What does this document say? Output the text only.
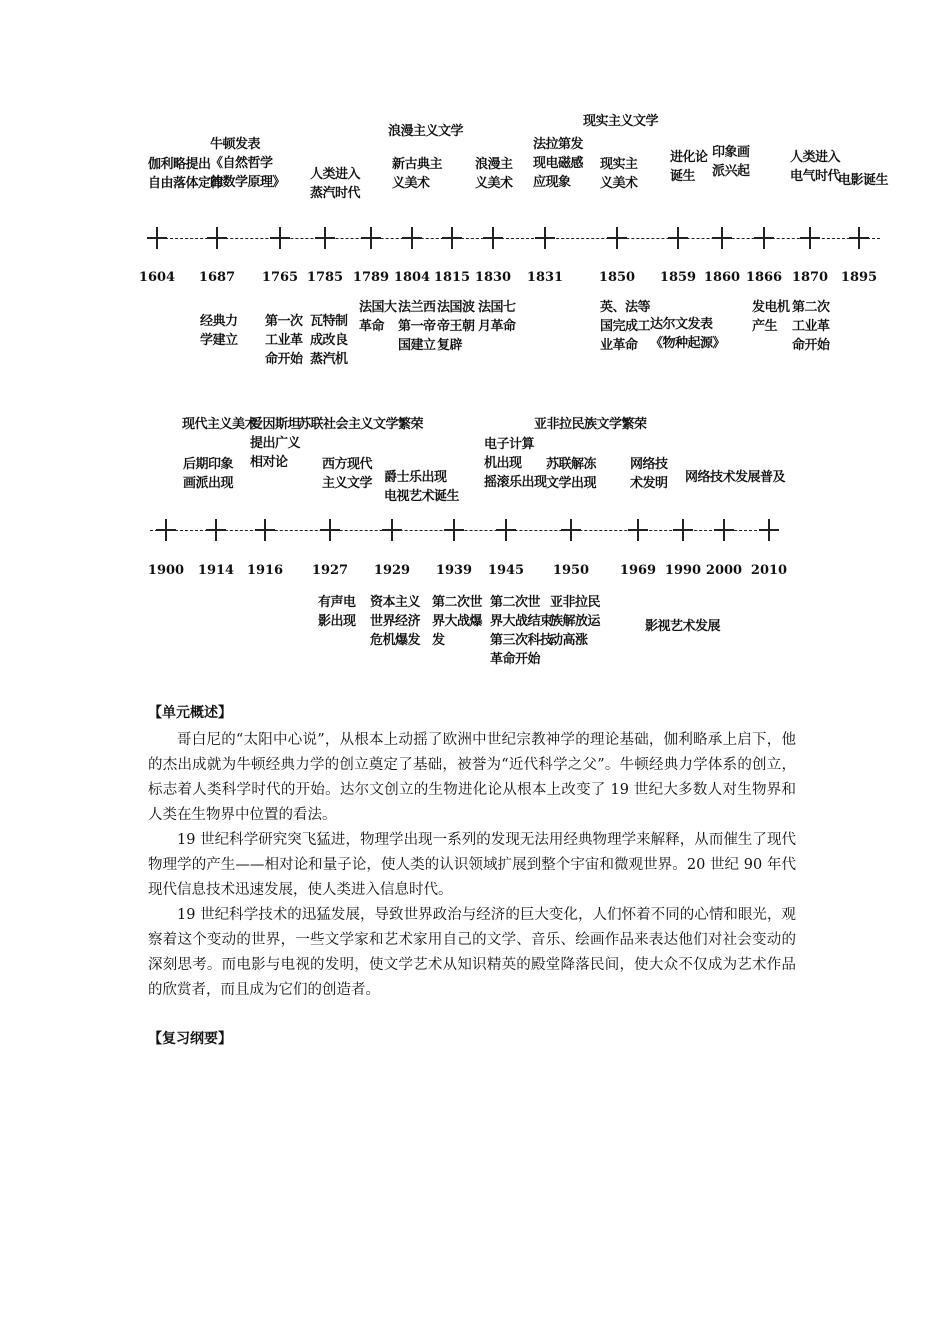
1604 1687 1765 1785 1789 1804 1815 1830 1831	1850 1859 1860 1866 1870 1895
伽利略提出
自由落体定律
牛顿发表
《自然哲学
的数学原理》
人类进入
蒸汽时代
浪漫主义文学
新古典主
义美术
浪漫主
义美术
法拉第发
现电磁感
应现象
现实主义文学
现实主
义美术
进化论
诞生
印象画
派兴起
人类进入
电气时代
电影诞生
经典力
学建立
第一次
工业革
命开始
瓦特制
成改良
蒸汽机
法国大
革命
法兰西
第一帝
国建立
法国波
帝王朝
复辟
法国七
月革命
英、法等
国完成工
业革命
达尔文发表
《物种起源》
发电机
产生
第二次
工业革
命开始
1900 1914 1916 1927 1929 1939 1945 1950 1969 1990 2000 2010
现代主义美术
爱因斯坦
提出广义
相对论
苏联社会主义文学繁荣
后期印象
画派出现
西方现代
主义文学 爵士乐出现
电视艺术诞生
亚非拉民族文学繁荣
电子计算
机出现
摇滚乐出现
苏联解冻
文学出现
网络技
术发明 网络技术发展普及
有声电
影出现
资本主义
世界经济
危机爆发
第二次世
界大战爆
发
第二次世
界大战结束
第三次科技
革命开始
亚非拉民
族解放运
动高涨
影视艺术发展
【单元概述】

哥白尼的“太阳中心说”，从根本上动摇了欧洲中世纪宗教神学的理论基础，伽利略承上启下，他的杰出成就为牛顿经典力学的创立奠定了基础，被誉为“近代科学之父”。牛顿经典力学体系的创立，标志着人类科学时代的开始。达尔文创立的生物进化论从根本上改变了 19 世纪大多数人对生物界和人类在生物界中位置的看法。

19 世纪科学研究突飞猛进，物理学出现一系列的发现无法用经典物理学来解释，从而催生了现代物理学的产生——相对论和量子论，使人类的认识领域扩展到整个宇宙和微观世界。20 世纪 90 年代现代信息技术迅速发展，使人类进入信息时代。

19 世纪科学技术的迅猛发展，导致世界政治与经济的巨大变化，人们怀着不同的心情和眼光，观察着这个变动的世界，一些文学家和艺术家用自己的文学、音乐、绘画作品来表达他们对社会变动的深刻思考。而电影与电视的发明，使文学艺术从知识精英的殿堂降落民间，使大众不仅成为艺术作品的欣赏者，而且成为它们的创造者。

【复习纲要】
